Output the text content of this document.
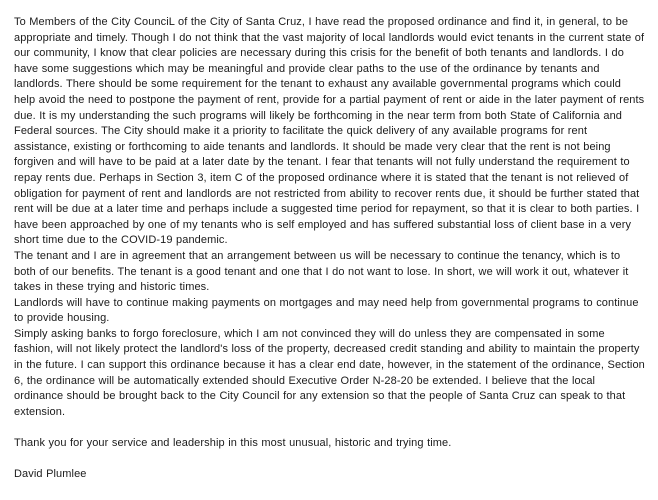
To Members of the City CounciL of the City of Santa Cruz, I have read the proposed ordinance and find it, in general, to be appropriate and timely. Though I do not think that the vast majority of local landlords would evict tenants in the current state of our community, I know that clear policies are necessary during this crisis for the benefit of both tenants and landlords. I do have some suggestions which may be meaningful and provide clear paths to the use of the ordinance by tenants and landlords. There should be some requirement for the tenant to exhaust any available governmental programs which could help avoid the need to postpone the payment of rent, provide for a partial payment of rent or aide in the later payment of rents due. It is my understanding the such programs will likely be forthcoming in the near term from both State of California and Federal sources. The City should make it a priority to facilitate the quick delivery of any available programs for rent assistance, existing or forthcoming to aide tenants and landlords. It should be made very clear that the rent is not being forgiven and will have to be paid at a later date by the tenant. I fear that tenants will not fully understand the requirement to repay rents due. Perhaps in Section 3, item C of the proposed ordinance where it is stated that the tenant is not relieved of obligation for payment of rent and landlords are not restricted from ability to recover rents due, it should be further stated that rent will be due at a later time and perhaps include a suggested time period for repayment, so that it is clear to both parties. I have been approached by one of my tenants who is self employed and has suffered substantial loss of client base in a very short time due to the COVID-19 pandemic.

The tenant and I are in agreement that an arrangement between us will be necessary to continue the tenancy, which is to both of our benefits. The tenant is a good tenant and one that I do not want to lose. In short, we will work it out, whatever it takes in these trying and historic times.

Landlords will have to continue making payments on mortgages and may need help from governmental programs to continue to provide housing.

Simply asking banks to forgo foreclosure, which I am not convinced they will do unless they are compensated in some fashion, will not likely protect the landlord's loss of the property, decreased credit standing and ability to maintain the property in the future. I can support this ordinance because it has a clear end date, however, in the statement of the ordinance, Section 6, the ordinance will be automatically extended should Executive Order N-28-20 be extended. I believe that the local ordinance should be brought back to the City Council for any extension so that the people of Santa Cruz can speak to that extension.

Thank you for your service and leadership in this most unusual, historic and trying time.

David Plumlee
